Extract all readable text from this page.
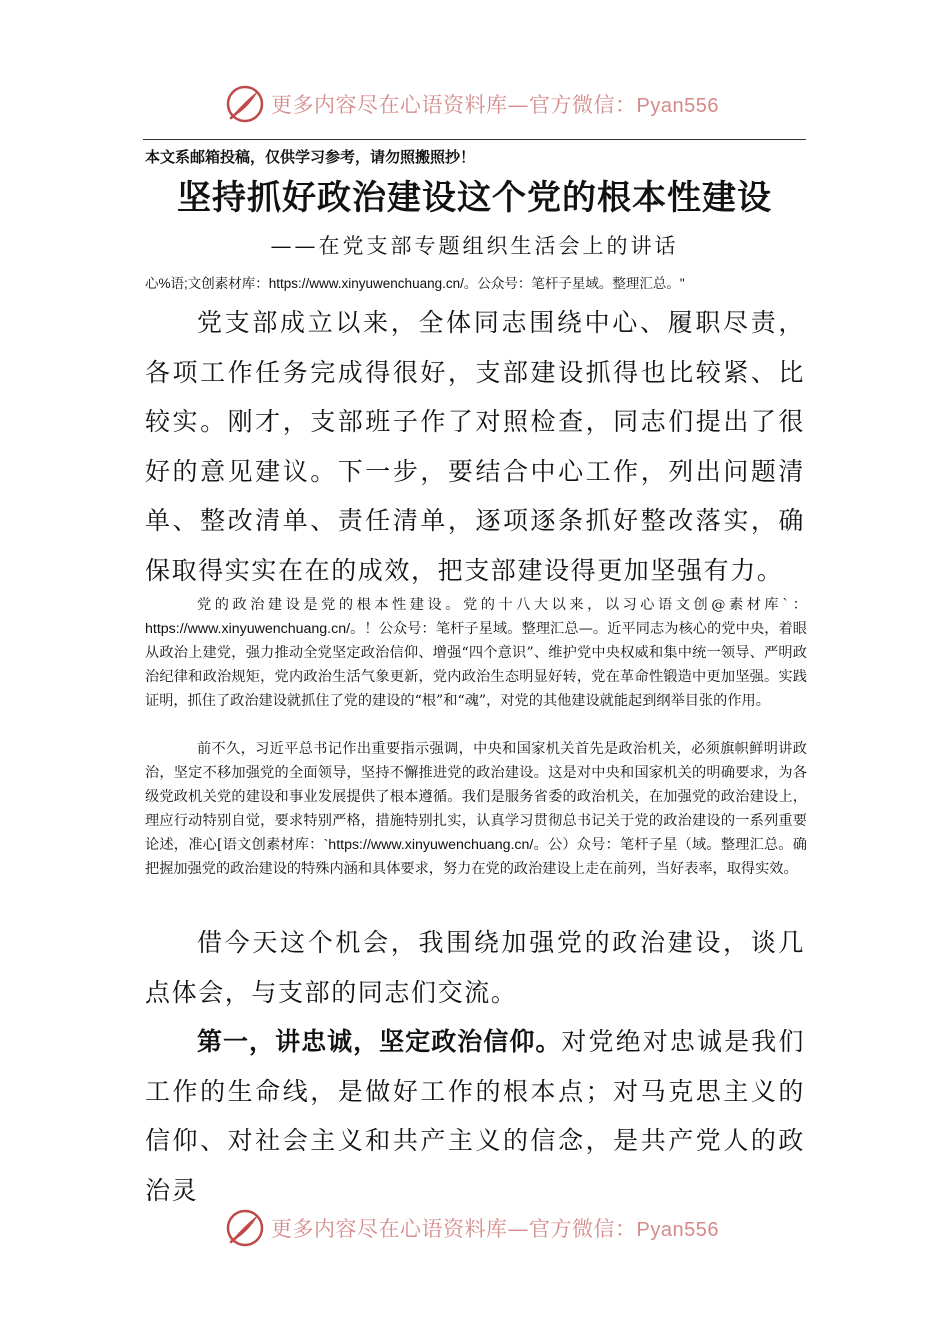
更多内容尽在心语资料库—官方微信：Pyan556
本文系邮箱投稿，仅供学习参考，请勿照搬照抄！
坚持抓好政治建设这个党的根本性建设
——在党支部专题组织生活会上的讲话
心%语;文创素材库：https://www.xinyuwenchuang.cn/。公众号：笔杆子星域。整理汇总。"
党支部成立以来，全体同志围绕中心、履职尽责，各项工作任务完成得很好，支部建设抓得也比较紧、比较实。刚才，支部班子作了对照检查，同志们提出了很好的意见建议。下一步，要结合中心工作，列出问题清单、整改清单、责任清单，逐项逐条抓好整改落实，确保取得实实在在的成效，把支部建设得更加坚强有力。
党的政治建设是党的根本性建设。党的十八大以来，以习心语文创@素材库`：https://www.xinyuwenchuang.cn/。！公众号：笔杆子星域。整理汇总—。近平同志为核心的党中央，着眼从政治上建党，强力推动全党坚定政治信仰、增强“四个意识”、维护党中央权威和集中统一领导、严明政治纪律和政治规矩，党内政治生活气象更新，党内政治生态明显好转，党在革命性锻造中更加坚强。实践证明，抓住了政治建设就抓住了党的建设的“根”和“魂”，对党的其他建设就能起到纲举目张的作用。
前不久，习近平总书记作出重要指示强调，中央和国家机关首先是政治机关，必须旗帜鲜明讲政治，坚定不移加强党的全面领导，坚持不懈推进党的政治建设。这是对中央和国家机关的明确要求，为各级党政机关党的建设和事业发展提供了根本遵循。我们是服务省委的政治机关，在加强党的政治建设上，理应行动特别自觉，要求特别严格，措施特别扎实，认真学习贯彻总书记关于党的政治建设的一系列重要论述，准心[语文创素材库：`https://www.xinyuwenchuang.cn/。公）众号：笔杆子星（域。整理汇总。确把握加强党的政治建设的特殊内涵和具体要求，努力在党的政治建设上走在前列，当好表率，取得实效。
借今天这个机会，我围绕加强党的政治建设，谈几点体会，与支部的同志们交流。
第一，讲忠诚，坚定政治信仰。对党绝对忠诚是我们工作的生命线，是做好工作的根本点；对马克思主义的信仰、对社会主义和共产主义的信念，是共产党人的政治灵
更多内容尽在心语资料库—官方微信：Pyan556
